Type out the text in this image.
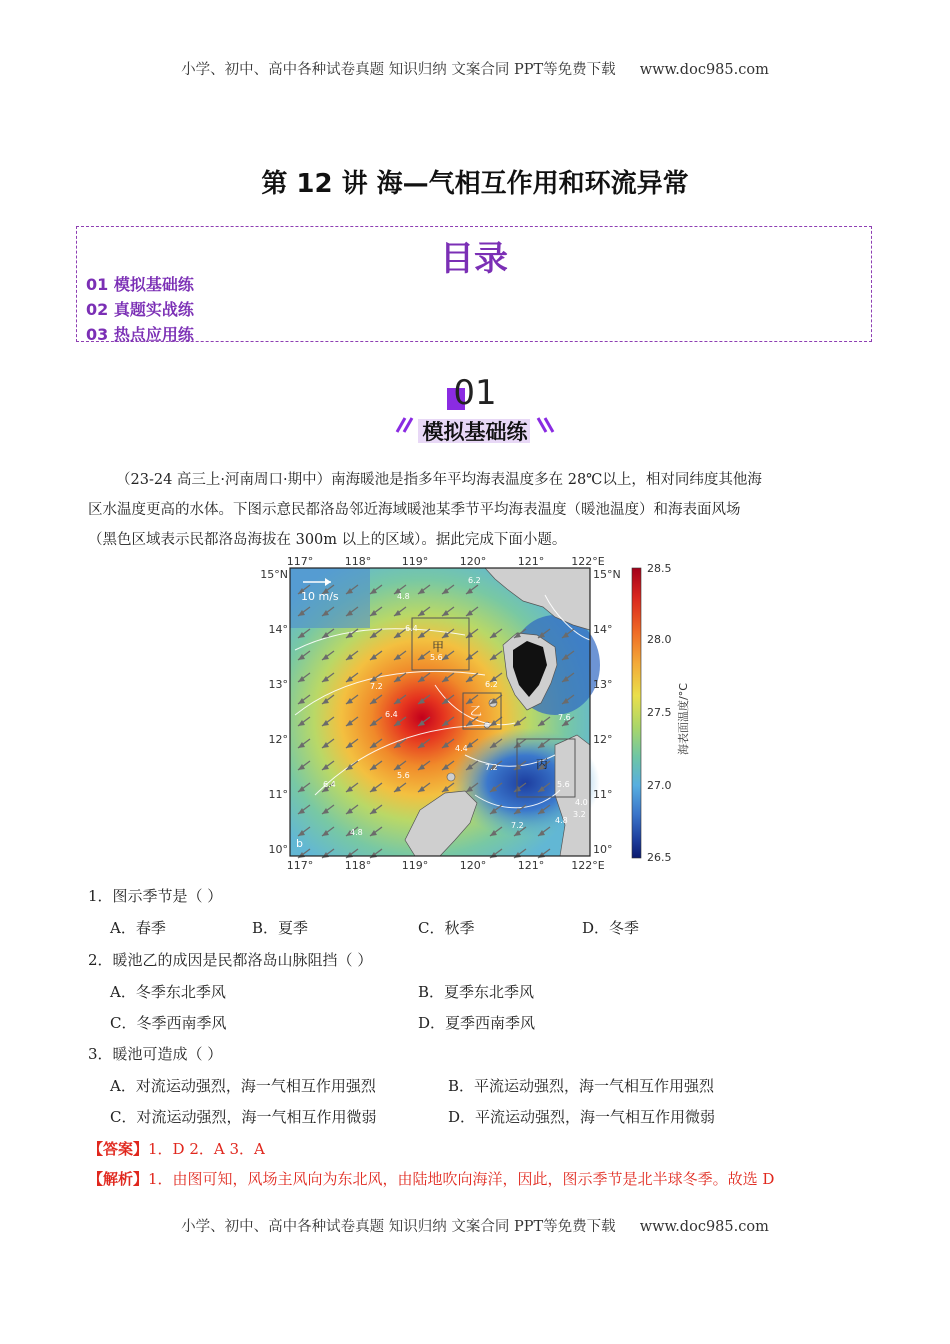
小学、初中、高中各种试卷真题 知识归纳 文案合同 PPT等免费下载 www.doc985.com
第 12 讲 海—气相互作用和环流异常
目录
01 模拟基础练
02 真题实战练
03 热点应用练
01
模拟基础练
（23-24 高三上·河南周口·期中）南海暖池是指多年平均海表温度多在 28℃以上，相对同纬度其他海
区水温度更高的水体。下图示意民都洛岛邻近海域暖池某季节平均海表温度（暖池温度）和海表面风场
（黑色区域表示民都洛岛海拔在 300m 以上的区域）。据此完成下面小题。
甲
乙
丙
6.2
4.8
6.4
5.6
7.2
6.4
5.6
6.4
4.8
4.4
7.2
5.6
4.8
4.0
3.2
7.2
6.2
7.6
10 m/s
b
117°	118°	119°	120°	121° 122°E
117°	118°	119°	120°	121° 122°E
15°N
14°
13°
12°
11°
10°
15°N
14°
13°
12°
11°
10°
28.5
28.0
27.5
27.0
26.5
海表面温度/°C
1．图示季节是（ ）
A．春季	B．夏季	C．秋季	D．冬季
2．暖池乙的成因是民都洛岛山脉阻挡（ ）
A．冬季东北季风	B．夏季东北季风
C．冬季西南季风	D．夏季西南季风
3．暖池可造成（ ）
A．对流运动强烈，海一气相互作用强烈	B．平流运动强烈，海一气相互作用强烈
C．对流运动强烈，海一气相互作用微弱	D．平流运动强烈，海一气相互作用微弱
【答案】1．D 2．A 3．A
【解析】1．由图可知，风场主风向为东北风，由陆地吹向海洋，因此，图示季节是北半球冬季。故选 D
小学、初中、高中各种试卷真题 知识归纳 文案合同 PPT等免费下载 www.doc985.com
